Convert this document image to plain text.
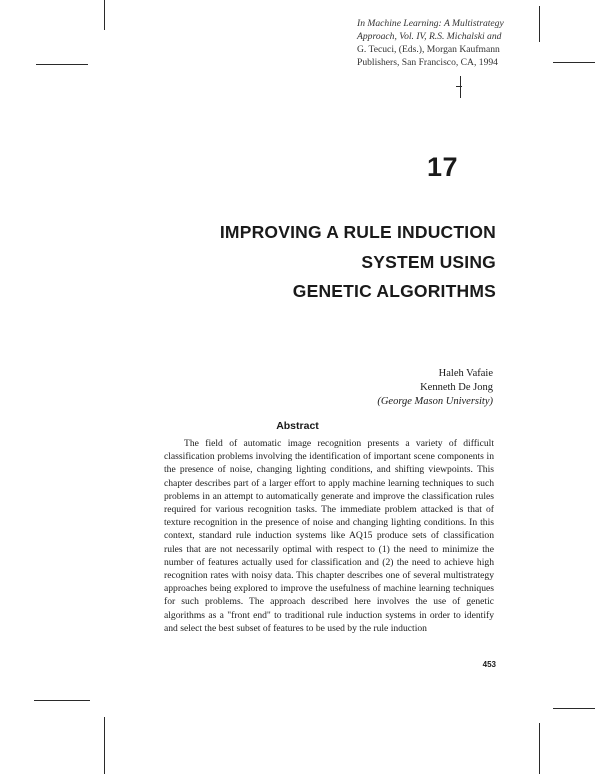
In Machine Learning: A Multistrategy
Approach, Vol. IV, R.S. Michalski and
G. Tecuci, (Eds.), Morgan Kaufmann
Publishers, San Francisco, CA, 1994
17
IMPROVING A RULE INDUCTION
SYSTEM USING
GENETIC ALGORITHMS
Haleh Vafaie
Kenneth De Jong
(George Mason University)
Abstract

The field of automatic image recognition presents a variety of difficult classification problems involving the identification of important scene components in the presence of noise, changing lighting conditions, and shifting viewpoints. This chapter describes part of a larger effort to apply machine learning techniques to such problems in an attempt to automatically generate and improve the classification rules required for various recognition tasks. The immediate problem attacked is that of texture recognition in the presence of noise and changing lighting conditions. In this context, standard rule induction systems like AQ15 produce sets of classification rules that are not necessarily optimal with respect to (1) the need to minimize the number of features actually used for classification and (2) the need to achieve high recognition rates with noisy data. This chapter describes one of several multistrategy approaches being explored to improve the usefulness of machine learning techniques for such problems. The approach described here involves the use of genetic algorithms as a "front end" to traditional rule induction systems in order to identify and select the best subset of features to be used by the rule induction

453
